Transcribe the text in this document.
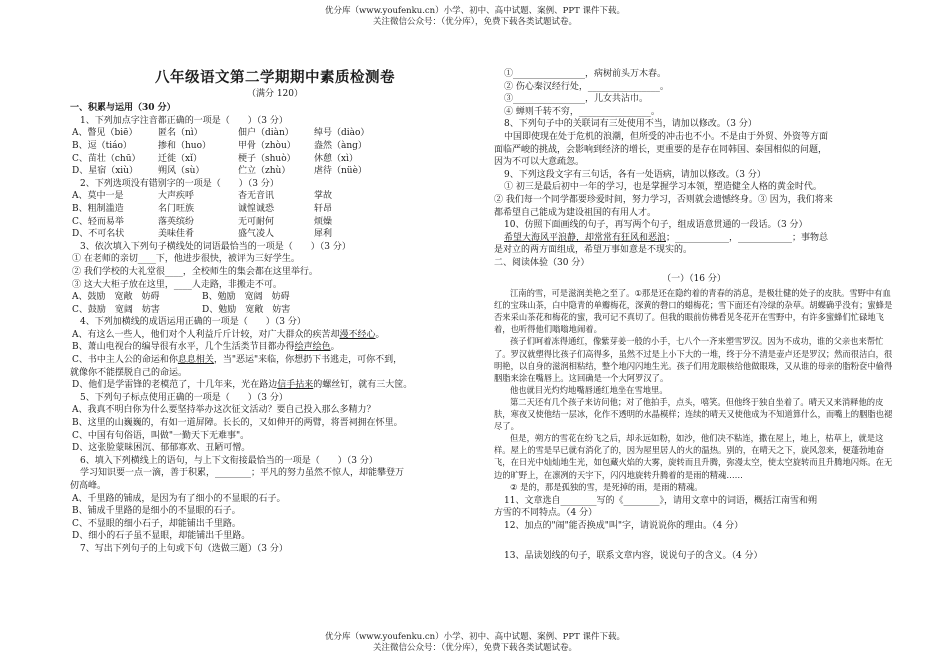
优分库（www.youfenku.cn）小学、初中、高中试题、案例、PPT 课件下载。
关注微信公众号：（优分库），免费下载各类试题试卷。
八年级语文第二学期期中素质检测卷
（满分 120）
一、积累与运用（30 分）
1、下列加点字注音都正确的一项是（　　）（3 分）
A、瞥见（biē）	匿名（nì）	佃户（diàn）	绰号（diào）
B、逗（tiáo）	掺和（huo）	甲骨（zhòu）	盎然（àng）
C、苗壮（chū）	迁徙（xǐ）	梗子（shuò）	休憩（xì）
D、星宿（xiù）	朔风（sù）	伫立（zhù）	虐待（nüè）
2、下列选项没有错别字的一项是（　　）（3 分）
A、莫中一是	大声疾呼	杳无音讯	掌故
B、粗制滥造	名门旺族	诚惶诚恐	轩昂
C、轻而易举	落英缤纷	无可耐何	烦燥
D、不可名状	美味佳肴	盛气凌人	犀利
3、依次填入下列句子横线处的词语最恰当的一项是（　　）（3 分）
① 在老师的亲切____下，他进步很快，被评为三好学生。
② 我们学校的大礼堂很____，全校师生的集会都在这里举行。
③ 这大大柜子放在这里，____人走路，非搬走不可。
A、鼓励　宽敞　妨碍	B、勉励　宽阔　妨碍
C、鼓励　宽阔　妨害	D、勉励　宽敞　妨害
4、下列加横线的成语运用正确的一项是（　　）（3 分）
A、有这么一些人，他们对个人利益斤斤计较，对广大群众的疾苦却漫不经心。
B、萧山电视台的编导很有水平，几个生活类节目都办得绘声绘色。
C、书中主人公的命运和你息息相关，当"恶运"来临，你想扔下书逃走，可你不到，
就像你不能摆脱自己的命运。
D、他们是学雷锋的老模范了，十几年来，光在路边信手拈来的螺丝钉，就有三大筐。
5、下列句子标点使用正确的一项是（　　）（3 分）
A、我真不明白你为什么要坚持举办这次征文活动？要自己投入那么多精力？
B、这里的山巍巍的，有如一道屏障。长长的，又如伸开的两臂，将晋祠拥在怀里。
C、中国有句俗语，叫做"一勤天下无难事"。
D、这张脸蒙昧困沉、郁郁寡欢、丑陋可憎。
6、填入下列横线上的语句，与上下文衔接最恰当的一项是（　　）（3 分）
学习知识要一点一滴，善于积累，________；平凡的努力虽然不惊人，却能攀登万
仞高峰。
A、千里路的铺成，是因为有了细小的不显眼的石子。
B、铺成千里路的是细小的不显眼的石子。
C、不显眼的细小石子，却能铺出千里路。
D、细小的石子虽不显眼，却能铺出千里路。
7、写出下列句子的上句或下句（选做三题）（3 分）
①________________，病树前头万木春。
② 伤心秦汉经行处，________________。
③________________，儿女共沾巾。
④ 蝉则千转不穷，________________。
8、下列句子中的关联词有三处使用不当，请加以修改。（3 分）
中国即使现在处于危机的浪潮，但所受的冲击也不小。不是由于外贸、外资等方面
面临严峻的挑战，会影响到经济的增长，更重要的是存在同韩国、泰国相似的问题，
因为不可以大意疏忽。
9、下列这段文字有三句话，各有一处语病，请加以修改。（3 分）
① 初三是最后初中一年的学习，也是掌握学习本领，塑造健全人格的黄金时代。
② 我们每一个同学都要珍爱时间，努力学习，否则就会遗憾终身。③ 因为，我们将来
都希望自己能成为建设祖国的有用人才。
10、仿照下面画线的句子，再写两个句子，组成语意贯通的一段话。（3 分）
希望大海风平浪静，却常常有狂风和恶浪；____________，____________；事物总
是对立的两方面组成，希望万事如意是不现实的。
二、阅读体验（30 分）
（一）（16 分）
江南的雪，可是滋润美艳之至了。①那是还在隐约着的青春的消息，是极壮健的处子的皮肤。雪野中有血红的宝珠山茶，白中隐青的单瓣梅花，深黄的磬口的蜡梅花；雪下面还有冷绿的杂草。胡蝶确乎没有；蜜蜂是否来采山茶花和梅花的蜜，我可记不真切了。但我的眼前仿佛看见冬花开在雪野中，有许多蜜蜂们忙碌地飞着，也听得他们嗡嗡地闹着。
孩子们呵着冻得通红，像紫芽姜一般的小手，七八个一齐来塑雪罗汉。因为不成功，谁的父亲也来帮忙了。罗汉就塑得比孩子们高得多，虽然不过是上小下大的一堆，终于分不清是壶卢还是罗汉；然而很洁白，很明艳，以自身的滋润相粘结，整个地闪闪地生光。孩子们用龙眼核给他做眼珠，又从谁的母亲的脂粉奁中偷得胭脂来涂在嘴唇上。这回确是一个大阿罗汉了。
他也就目光灼灼地嘴唇通红地坐在雪地里。
第二天还有几个孩子来访问他；对了他拍手，点头，嘻笑。但他终于独自坐着了。晴天又来消释他的皮肤，寒夜又使他结一层冰，化作不透明的水晶模样；连续的晴天又使他成为不知道算什么，而嘴上的胭脂也褪尽了。
但是，朔方的雪花在纷飞之后，却永远如粉，如沙，他们决不粘连，撒在屋上，地上，枯草上，就是这样。屋上的雪是早已就有消化了的，因为屋里居人的火的温热。别的，在晴天之下，旋风忽来，便蓬勃地奋飞，在日光中灿灿地生光，如包藏火焰的大雾，旋转而且升腾，弥漫太空，使太空旋转而且升腾地闪烁。在无边的旷野上，在凛冽的天宇下，闪闪地旋转升腾着的是雨的精魂……
② 是的，那是孤独的雪，是死掉的雨，是雨的精魂。
11、文章选自________写的《________》，请用文章中的词语，概括江南雪和朔
方雪的不同特点。（4 分）
12、加点的"闹"能否换成"叫"字，请说说你的理由。（4 分）
13、品读划线的句子，联系文章内容，说说句子的含义。（4 分）
优分库（www.youfenku.cn）小学、初中、高中试题、案例、PPT 课件下载。
关注微信公众号：（优分库），免费下载各类试题试卷。
